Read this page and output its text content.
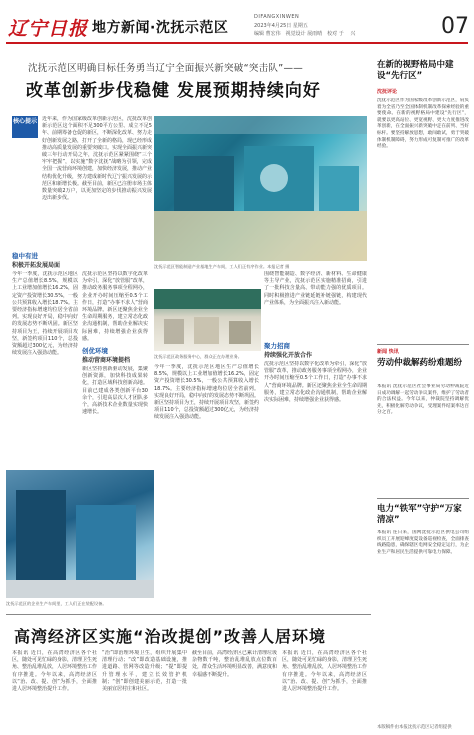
辽宁日报 地方新闻·沈抚示范区
DIFANGXINWEN
2023年4月25日 星期五
编辑 曹宏伟　视觉设计 展雨晴　校对 于 　兴	07
沈抚示范区明确目标任务勇当辽宁全面振兴新突破“突击队”——
改革创新步伐稳健 发展预期持续向好
核心提示 近年来，作为国家级改革创新示范区，沈抚改革创新示范区这个面积不足300平方公里、成立不足5年、前期筹备仓促的新区，不断深化改革、努力走好创新发展之路，打开了全新的格局，现已经形成推动高质量发展的重要突破口。实现全面振兴新突破三年行动开局之年，沈抚示范区紧紧围绕“三个牢牢把握”，以实施“数字沈抚”战略为引领，完成全国一流营商环境创建，加快经济发展，推动产业结构优化升级，努力建成新时代辽宁振兴发展的示范区和新增长极。截至目前，新区已注册市场主体数量突破2万户，以更加坚定的步伐推动振兴发展迈出新步伐。
沈抚示范区智能制造产业基地生产车间，工人们正有序作业。本报记者 摄
稳中有进
积极开拓发展局面
今年一季度，沈抚示范区地区生产总值增长8.5%，规模以上工业增加值增长16.2%，固定资产投资增长30.5%，一般公共预算收入增长18.7%。主要经济指标增速均位居全省前列。实现良好开局，稳中向好的发展态势不断巩固。新区坚持项目为王，持续开展项目攻坚，新签约项目110个，总投资额超过300亿元，为经济持续发展注入强劲动能。
沈抚示范区坚持以数字化改革为牵引，深化“放管服”改革，推动政务服务事项全程网办，企业开办时间压缩至0.5个工作日，打造“办事不求人”营商环境品牌。新区还聚焦企业全生命周期服务，建立常态化政企沟通机制，帮助企业解决实际困难，持续增强企业获得感。
创优环境
推动营商环境提档
新区坚持创新驱动发展，集聚创新资源，加快科技成果转化，打造区域科技创新高地。目前已建成各类创新平台30余个，引进高层次人才团队多个，高新技术企业数量实现快速增长。
沈抚示范区政务服务中心，群众正在办理业务。
围绕智能制造、数字经济、新材料、生命健康等主导产业，沈抚示范区实施精准招商，引进了一批科技含量高、带动能力强的优质项目。同时积极推进产业链延链补链强链，构建现代产业体系，为全面振兴注入新动能。
聚力招商
持续强化开放合作
今年一季度，沈抚示范区地区生产总值增长8.5%，规模以上工业增加值增长16.2%，固定资产投资增长30.5%，一般公共预算收入增长18.7%。主要经济指标增速均位居全省前列。实现良好开局，稳中向好的发展态势不断巩固。新区坚持项目为王，持续开展项目攻坚，新签约项目110个，总投资额超过300亿元，为经济持续发展注入强劲动能。
沈抚示范区坚持以数字化改革为牵引，深化“放管服”改革，推动政务服务事项全程网办，企业开办时间压缩至0.5个工作日，打造“办事不求人”营商环境品牌。新区还聚焦企业全生命周期服务，建立常态化政企沟通机制，帮助企业解决实际困难，持续增强企业获得感。
沈抚示范区的企业生产车间里，工人们正在装配设备。
高湾经济区实施“治改提创”改善人居环境
本报讯 近日，在高湾经济区各个社区，随处可见忙碌的身影，清理卫生死角、整治乱堆乱放，人居环境整治工作有序推进。今年以来，高湾经济区以“治、改、提、创”为抓手，全面推进人居环境整治提升工作。
“治”即治理环境卫生，组织开展集中清理行动；“改”即改造基础设施，推进道路、管网等改造升级；“提”即提升管理水平，建立长效管护机制；“创”即创建美丽示范，打造一批美丽宜居村庄和社区。
截至目前，高湾经济区已累计清理垃圾杂物数千吨，整治乱堆乱放点位数百处，群众生活环境明显改善，满意度和幸福感不断提升。
本报讯 近日，在高湾经济区各个社区，随处可见忙碌的身影，清理卫生死角、整治乱堆乱放，人居环境整治工作有序推进。今年以来，高湾经济区以“治、改、提、创”为抓手，全面推进人居环境整治提升工作。
在新的视野格局中建设“先行区”
沈抚评论
沈抚示范区作为国家级改革创新示范区，肩负着为全省乃至全国体制机制改革探索经验的重要使命。在新的视野格局中建设“先行区”，就要以更高站位、更宽视野、更大力度推进改革创新，在全面振兴新突破中走在前列、当好标杆。要坚持解放思想，敢闯敢试，勇于突破体制机制障碍，努力形成可复制可推广的改革经验。
新闻 快讯
劳动仲裁解药纷难题纷
本报讯 沈抚示范区社会事业局劳动仲裁院近日成功调解一起劳动争议案件，维护了劳动者的合法权益。今年以来，仲裁院坚持调解优先，积极化解劳动争议，受理案件结案率达百分之百。
电力“铁军”守护“万家清凉”
本报讯 连日来，国网沈抚示范区供电公司组织员工开展迎峰度夏设备巡视检查，全面排查线路隐患，确保辖区电网安全稳定运行，为企业生产和居民生活提供可靠电力保障。
本版稿件由本报沈抚示范区记者组提供
